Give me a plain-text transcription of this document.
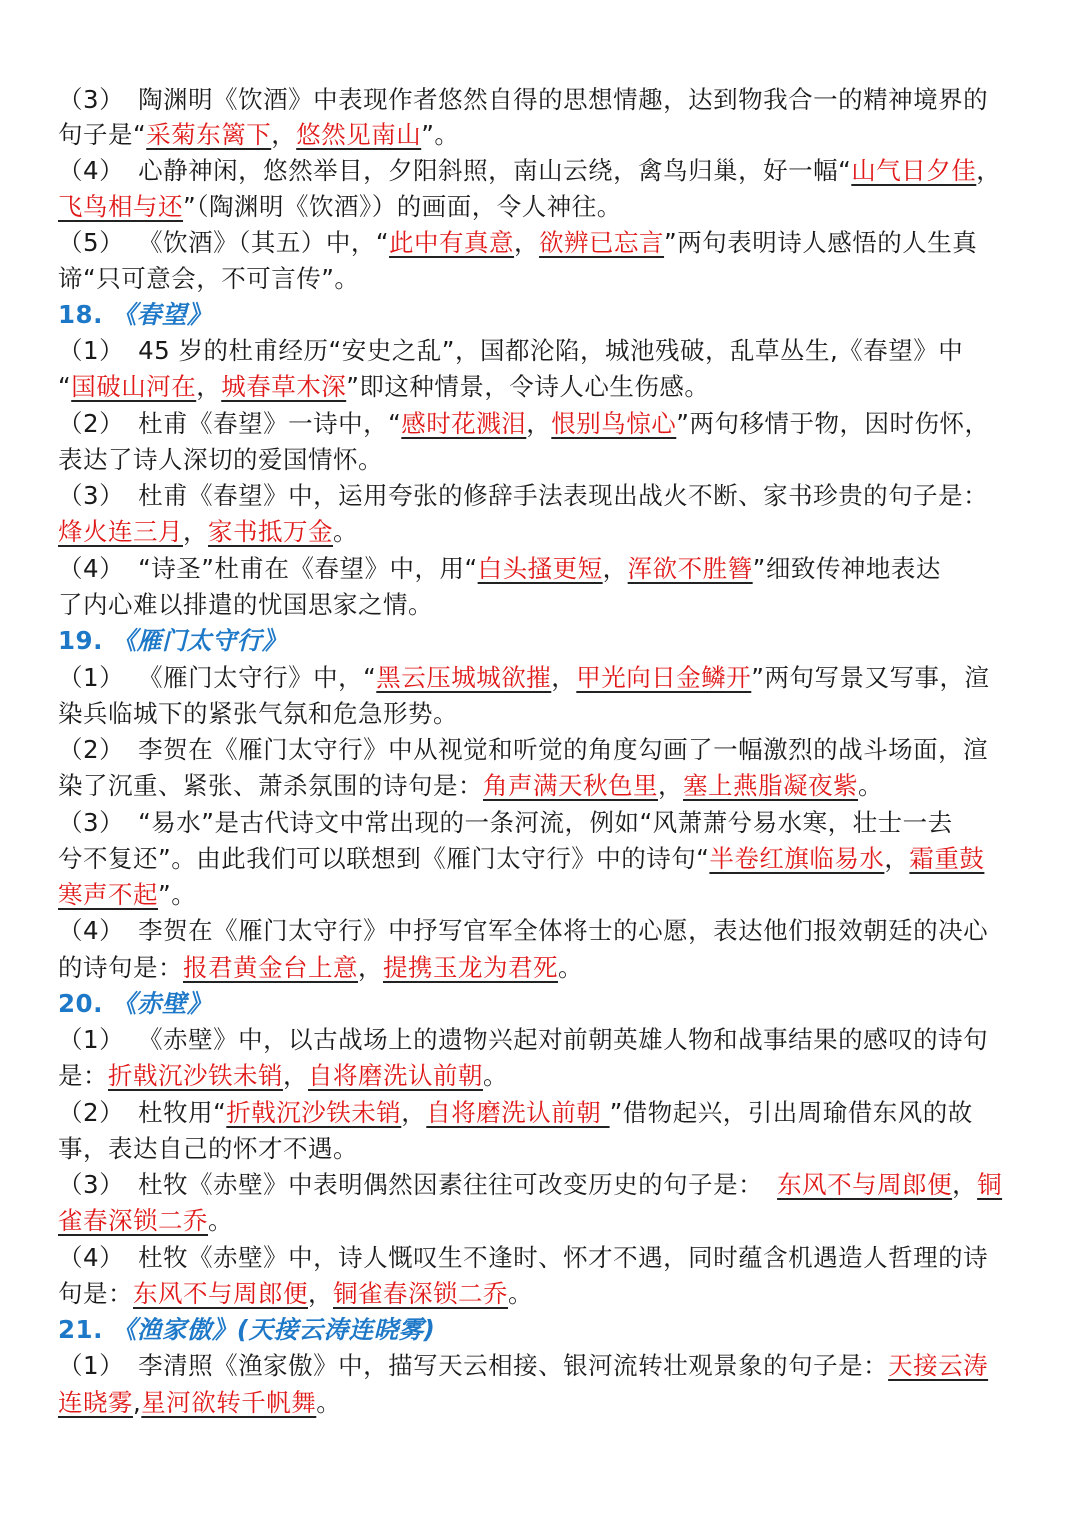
（3） 陶渊明《饮酒》中表现作者悠然自得的思想情趣，达到物我合一的精神境界的
句子是“采菊东篱下，悠然见南山”。
（4） 心静神闲，悠然举目，夕阳斜照，南山云绕，禽鸟归巢，好一幅“山气日夕佳，
飞鸟相与还”（陶渊明《饮酒》）的画面，令人神往。
（5） 《饮酒》（其五）中，“此中有真意，欲辨已忘言”两句表明诗人感悟的人生真
谛“只可意会，不可言传”。
18. 《春望》
（1） 45 岁的杜甫经历“安史之乱”，国都沦陷，城池残破，乱草丛生,《春望》中
“国破山河在，城春草木深”即这种情景，令诗人心生伤感。
（2） 杜甫《春望》一诗中，“感时花溅泪，恨别鸟惊心”两句移情于物，因时伤怀，
表达了诗人深切的爱国情怀。
（3） 杜甫《春望》中，运用夸张的修辞手法表现出战火不断、家书珍贵的句子是：
烽火连三月，家书抵万金。
（4） “诗圣”杜甫在《春望》中，用“白头搔更短，浑欲不胜簪”细致传神地表达
了内心难以排遣的忧国思家之情。
19. 《雁门太守行》
（1） 《雁门太守行》中，“黑云压城城欲摧，甲光向日金鳞开”两句写景又写事，渲
染兵临城下的紧张气氛和危急形势。
（2） 李贺在《雁门太守行》中从视觉和听觉的角度勾画了一幅激烈的战斗场面，渲
染了沉重、紧张、萧杀氛围的诗句是：角声满天秋色里，塞上燕脂凝夜紫。
（3） “易水”是古代诗文中常出现的一条河流，例如“风萧萧兮易水寒，壮士一去
兮不复还”。由此我们可以联想到《雁门太守行》中的诗句“半卷红旗临易水，霜重鼓
寒声不起”。
（4） 李贺在《雁门太守行》中抒写官军全体将士的心愿，表达他们报效朝廷的决心
的诗句是：报君黄金台上意，提携玉龙为君死。
20. 《赤壁》
（1） 《赤壁》中，以古战场上的遗物兴起对前朝英雄人物和战事结果的感叹的诗句
是：折戟沉沙铁未销，自将磨洗认前朝。
（2） 杜牧用“折戟沉沙铁未销，自将磨洗认前朝 ”借物起兴，引出周瑜借东风的故
事，表达自己的怀才不遇。
（3） 杜牧《赤壁》中表明偶然因素往往可改变历史的句子是： 东风不与周郎便，铜
雀春深锁二乔。
（4） 杜牧《赤壁》中，诗人慨叹生不逢时、怀才不遇，同时蕴含机遇造人哲理的诗
句是：东风不与周郎便，铜雀春深锁二乔。
21. 《渔家傲》(天接云涛连晓雾)
（1） 李清照《渔家傲》中，描写天云相接、银河流转壮观景象的句子是：天接云涛
连晓雾,星河欲转千帆舞。
